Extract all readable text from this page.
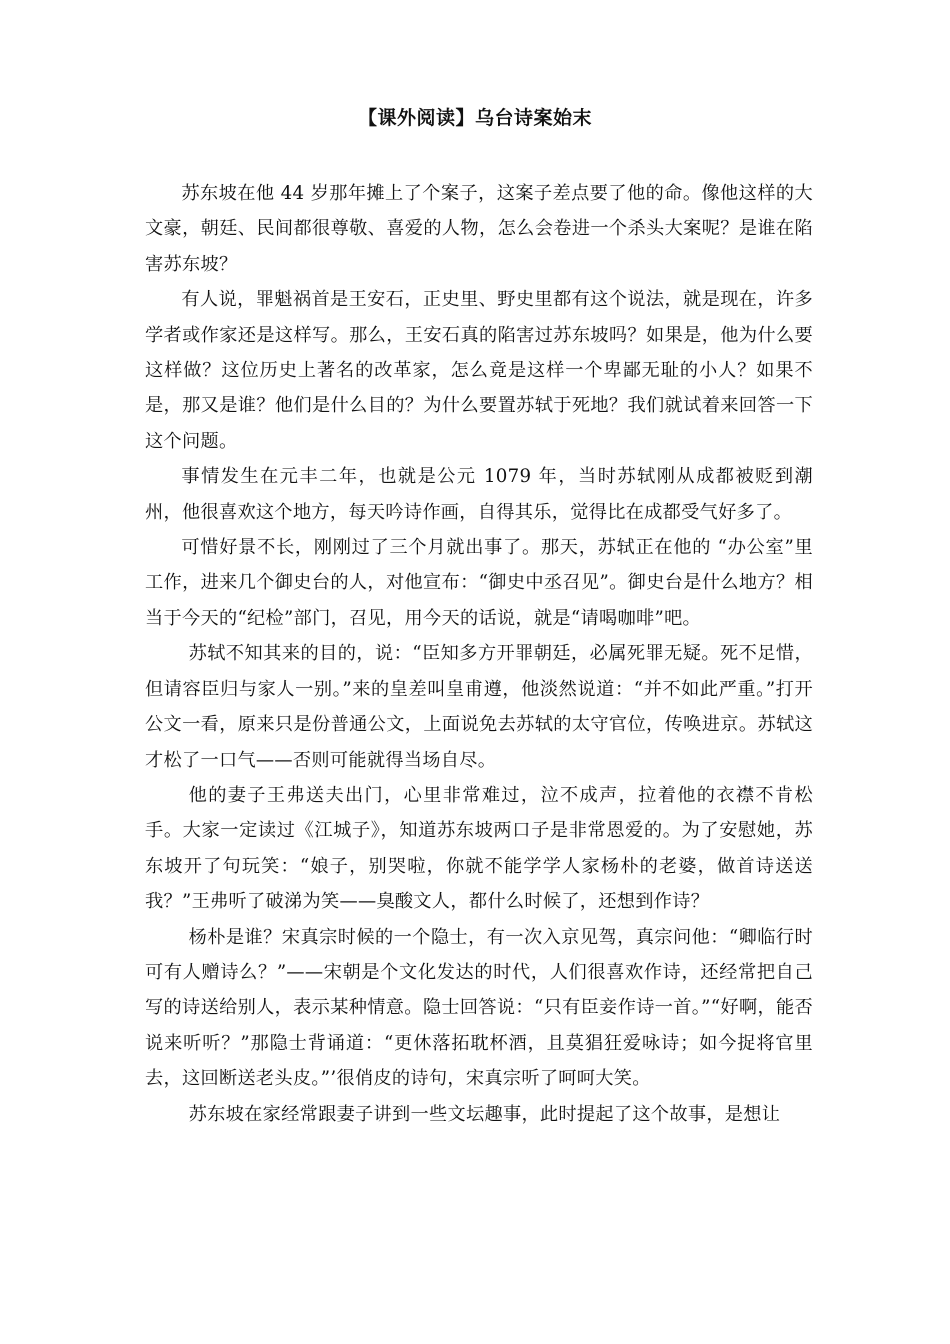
【课外阅读】乌台诗案始末

苏东坡在他 44 岁那年摊上了个案子，这案子差点要了他的命。像他这样的大文豪，朝廷、民间都很尊敬、喜爱的人物，怎么会卷进一个杀头大案呢？是谁在陷害苏东坡？

有人说，罪魁祸首是王安石，正史里、野史里都有这个说法，就是现在，许多学者或作家还是这样写。那么，王安石真的陷害过苏东坡吗？如果是，他为什么要这样做？这位历史上著名的改革家，怎么竟是这样一个卑鄙无耻的小人？如果不是，那又是谁？他们是什么目的？为什么要置苏轼于死地？我们就试着来回答一下这个问题。

事情发生在元丰二年，也就是公元 1079 年，当时苏轼刚从成都被贬到潮州，他很喜欢这个地方，每天吟诗作画，自得其乐，觉得比在成都受气好多了。

可惜好景不长，刚刚过了三个月就出事了。那天，苏轼正在他的 “办公室”里工作，进来几个御史台的人，对他宣布：“御史中丞召见”。御史台是什么地方？相当于今天的“纪检”部门，召见，用今天的话说，就是“请喝咖啡”吧。

苏轼不知其来的目的，说：“臣知多方开罪朝廷，必属死罪无疑。死不足惜，但请容臣归与家人一别。”来的皇差叫皇甫遵，他淡然说道：“并不如此严重。”打开公文一看，原来只是份普通公文，上面说免去苏轼的太守官位，传唤进京。苏轼这才松了一口气——否则可能就得当场自尽。

他的妻子王弗送夫出门，心里非常难过，泣不成声，拉着他的衣襟不肯松手。大家一定读过《江城子》，知道苏东坡两口子是非常恩爱的。为了安慰她，苏东坡开了句玩笑：“娘子，别哭啦，你就不能学学人家杨朴的老婆，做首诗送送我？”王弗听了破涕为笑——臭酸文人，都什么时候了，还想到作诗？

杨朴是谁？宋真宗时候的一个隐士，有一次入京见驾，真宗问他：“卿临行时可有人赠诗么？”——宋朝是个文化发达的时代，人们很喜欢作诗，还经常把自己写的诗送给别人，表示某种情意。隐士回答说：“只有臣妾作诗一首。”“好啊，能否说来听听？”那隐士背诵道：“更休落拓耽杯酒，且莫猖狂爱咏诗；如今捉将官里去，这回断送老头皮。”’很俏皮的诗句，宋真宗听了呵呵大笑。

苏东坡在家经常跟妻子讲到一些文坛趣事，此时提起了这个故事，是想让
